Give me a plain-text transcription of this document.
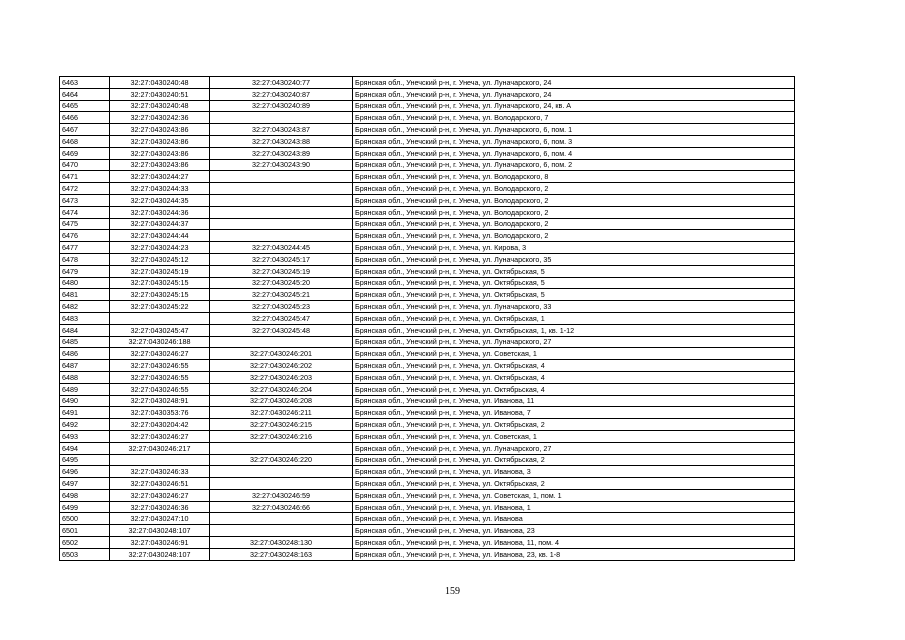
6463	32:27:0430240:48	32:27:0430240:77	Брянская обл., Унечский р-н, г. Унеча, ул. Луначарского, 24
6464	32:27:0430240:51	32:27:0430240:87	Брянская обл., Унечский р-н, г. Унеча, ул. Луначарского, 24
6465	32:27:0430240:48	32:27:0430240:89	Брянская обл., Унечский р-н, г. Унеча, ул. Луначарского, 24, кв. А
6466	32:27:0430242:36		Брянская обл., Унечский р-н, г. Унеча, ул. Володарского, 7
6467	32:27:0430243:86	32:27:0430243:87	Брянская обл., Унечский р-н, г. Унеча, ул. Луначарского, 6, пом. 1
6468	32:27:0430243:86	32:27:0430243:88	Брянская обл., Унечский р-н, г. Унеча, ул. Луначарского, 6, пом. 3
6469	32:27:0430243:86	32:27:0430243:89	Брянская обл., Унечский р-н, г. Унеча, ул. Луначарского, 6, пом. 4
6470	32:27:0430243:86	32:27:0430243:90	Брянская обл., Унечский р-н, г. Унеча, ул. Луначарского, 6, пом. 2
6471	32:27:0430244:27		Брянская обл., Унечский р-н, г. Унеча, ул. Володарского, 8
6472	32:27:0430244:33		Брянская обл., Унечский р-н, г. Унеча, ул. Володарского, 2
6473	32:27:0430244:35		Брянская обл., Унечский р-н, г. Унеча, ул. Володарского, 2
6474	32:27:0430244:36		Брянская обл., Унечский р-н, г. Унеча, ул. Володарского, 2
6475	32:27:0430244:37		Брянская обл., Унечский р-н, г. Унеча, ул. Володарского, 2
6476	32:27:0430244:44		Брянская обл., Унечский р-н, г. Унеча, ул. Володарского, 2
6477	32:27:0430244:23	32:27:0430244:45	Брянская обл., Унечский р-н, г. Унеча, ул. Кирова, 3
6478	32:27:0430245:12	32:27:0430245:17	Брянская обл., Унечский р-н, г. Унеча, ул. Луначарского, 35
6479	32:27:0430245:19	32:27:0430245:19	Брянская обл., Унечский р-н, г. Унеча, ул. Октябрьская, 5
6480	32:27:0430245:15	32:27:0430245:20	Брянская обл., Унечский р-н, г. Унеча, ул. Октябрьская, 5
6481	32:27:0430245:15	32:27:0430245:21	Брянская обл., Унечский р-н, г. Унеча, ул. Октябрьская, 5
6482	32:27:0430245:22	32:27:0430245:23	Брянская обл., Унечский р-н, г. Унеча, ул. Луначарского, 33
6483		32:27:0430245:47	Брянская обл., Унечский р-н, г. Унеча, ул. Октябрьская, 1
6484	32:27:0430245:47	32:27:0430245:48	Брянская обл., Унечский р-н, г. Унеча, ул. Октябрьская, 1, кв. 1-12
6485	32:27:0430246:188		Брянская обл., Унечский р-н, г. Унеча, ул. Луначарского, 27
6486	32:27:0430246:27	32:27:0430246:201	Брянская обл., Унечский р-н, г. Унеча, ул. Советская, 1
6487	32:27:0430246:55	32:27:0430246:202	Брянская обл., Унечский р-н, г. Унеча, ул. Октябрьская, 4
6488	32:27:0430246:55	32:27:0430246:203	Брянская обл., Унечский р-н, г. Унеча, ул. Октябрьская, 4
6489	32:27:0430246:55	32:27:0430246:204	Брянская обл., Унечский р-н, г. Унеча, ул. Октябрьская, 4
6490	32:27:0430248:91	32:27:0430246:208	Брянская обл., Унечский р-н, г. Унеча, ул. Иванова, 11
6491	32:27:0430353:76	32:27:0430246:211	Брянская обл., Унечский р-н, г. Унеча, ул. Иванова, 7
6492	32:27:0430204:42	32:27:0430246:215	Брянская обл., Унечский р-н, г. Унеча, ул. Октябрьская, 2
6493	32:27:0430246:27	32:27:0430246:216	Брянская обл., Унечский р-н, г. Унеча, ул. Советская, 1
6494	32:27:0430246:217		Брянская обл., Унечский р-н, г. Унеча, ул. Луначарского, 27
6495		32:27:0430246:220	Брянская обл., Унечский р-н, г. Унеча, ул. Октябрьская, 2
6496	32:27:0430246:33		Брянская обл., Унечский р-н, г. Унеча, ул. Иванова, 3
6497	32:27:0430246:51		Брянская обл., Унечский р-н, г. Унеча, ул. Октябрьская, 2
6498	32:27:0430246:27	32:27:0430246:59	Брянская обл., Унечский р-н, г. Унеча, ул. Советская, 1, пом. 1
6499	32:27:0430246:36	32:27:0430246:66	Брянская обл., Унечский р-н, г. Унеча, ул. Иванова, 1
6500	32:27:0430247:10		Брянская обл., Унечский р-н, г. Унеча, ул. Иванова
6501	32:27:0430248:107		Брянская обл., Унечский р-н, г. Унеча, ул. Иванова, 23
6502	32:27:0430246:91	32:27:0430248:130	Брянская обл., Унечский р-н, г. Унеча, ул. Иванова, 11, пом. 4
6503	32:27:0430248:107	32:27:0430248:163	Брянская обл., Унечский р-н, г. Унеча, ул. Иванова, 23, кв. 1-8
159
